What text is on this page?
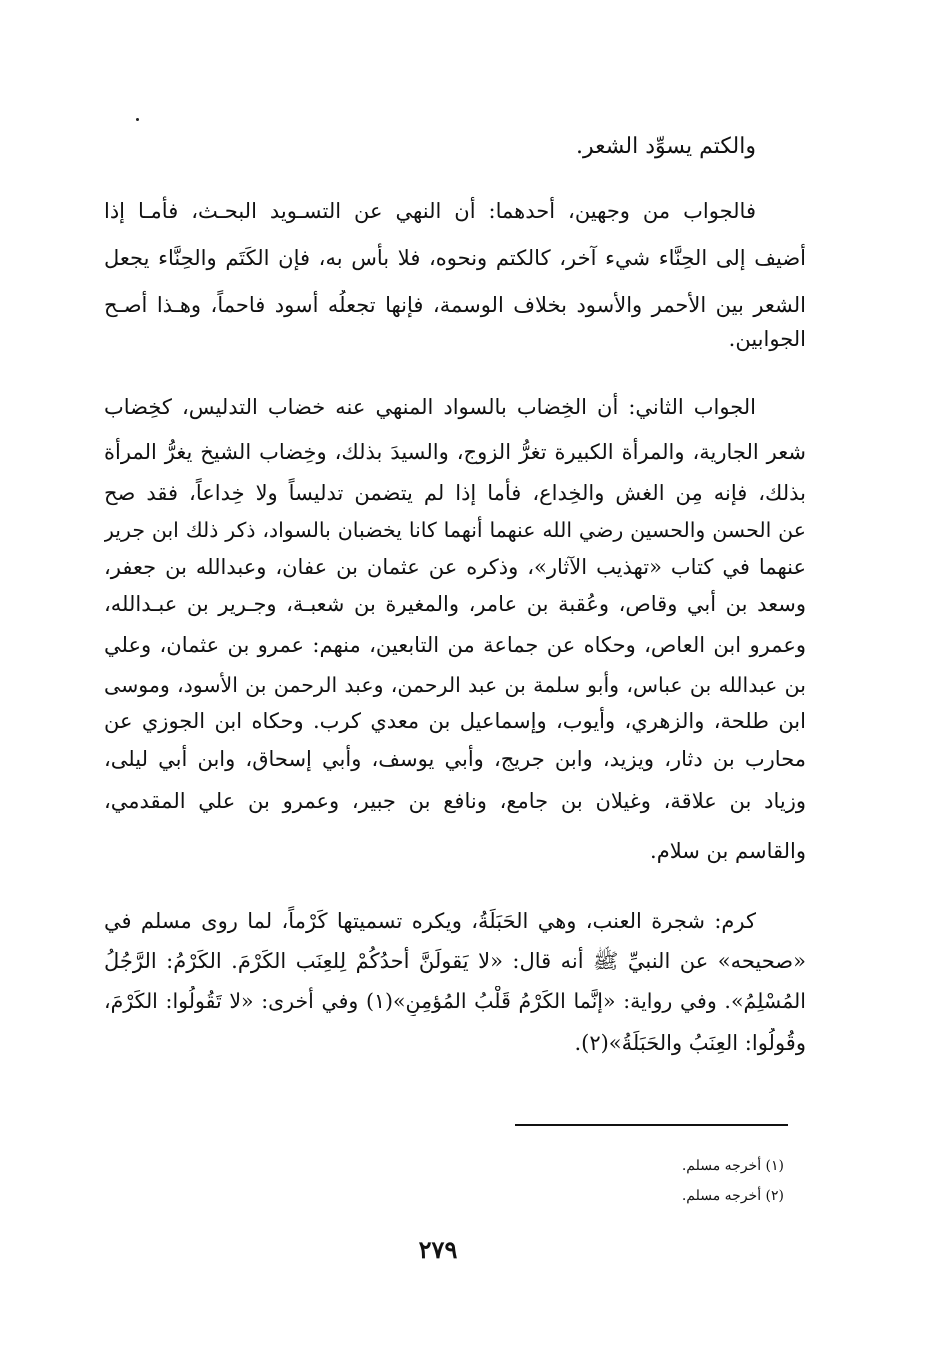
والكتم يسوِّد الشعر.
فالجواب من وجهين، أحدهما: أن النهي عن التسـويد البحـث، فأمـا إذا
أضيف إلى الحِنَّاء شيء آخر، كالكتم ونحوه، فلا بأس به، فإن الكَتَم والحِنَّاء يجعل
الشعر بين الأحمر والأسود بخلاف الوسمة، فإنها تجعلُه أسود فاحماً، وهـذا أصـح
الجوابين.
الجواب الثاني: أن الخِضاب بالسواد المنهي عنه خضاب التدليس، كخِضاب
شعر الجارية، والمرأة الكبيرة تغرُّ الزوج، والسيدَ بذلك، وخِضاب الشيخ يغرُّ المرأة
بذلك، فإنه مِن الغش والخِداع، فأما إذا لم يتضمن تدليساً ولا خِداعاً، فقد صح
عن الحسن والحسين رضي الله عنهما أنهما كانا يخضبان بالسواد، ذكر ذلك ابن جرير
عنهما في كتاب «تهذيب الآثار»، وذكره عن عثمان بن عفان، وعبدالله بن جعفر،
وسعد بن أبي وقاص، وعُقبة بن عامر، والمغيرة بن شعبـة، وجـرير بن عبـدالله،
وعمرو ابن العاص، وحكاه عن جماعة من التابعين، منهم: عمرو بن عثمان، وعلي
بن عبدالله بن عباس، وأبو سلمة بن عبد الرحمن، وعبد الرحمن بن الأسود، وموسى
ابن طلحة، والزهري، وأيوب، وإسماعيل بن معدي كرب. وحكاه ابن الجوزي عن
محارب بن دثار، ويزيد، وابن جريج، وأبي يوسف، وأبي إسحاق، وابن أبي ليلى،
وزياد بن علاقة، وغيلان بن جامع، ونافع بن جبير، وعمرو بن علي المقدمي،
والقاسم بن سلام.
كرم: شجرة العنب، وهي الحَبَلَةُ، ويكره تسميتها كَرْماً، لما روى مسلم في
«صحيحه» عن النبيِّ ﷺ أنه قال: «لا يَقولَنَّ أحدُكُمْ لِلعِنَب الكَرْمَ. الكَرْمُ: الرَّجُلُ
المُسْلِمُ». وفي رواية: «إنَّما الكَرْمُ قَلْبُ المُؤمِنِ»(١) وفي أخرى: «لا تَقُولُوا: الكَرْمَ،
وقُولُوا: العِنَبُ والحَبَلَةُ»(٢).
(١) أخرجه مسلم.
(٢) أخرجه مسلم.
٢٧٩
